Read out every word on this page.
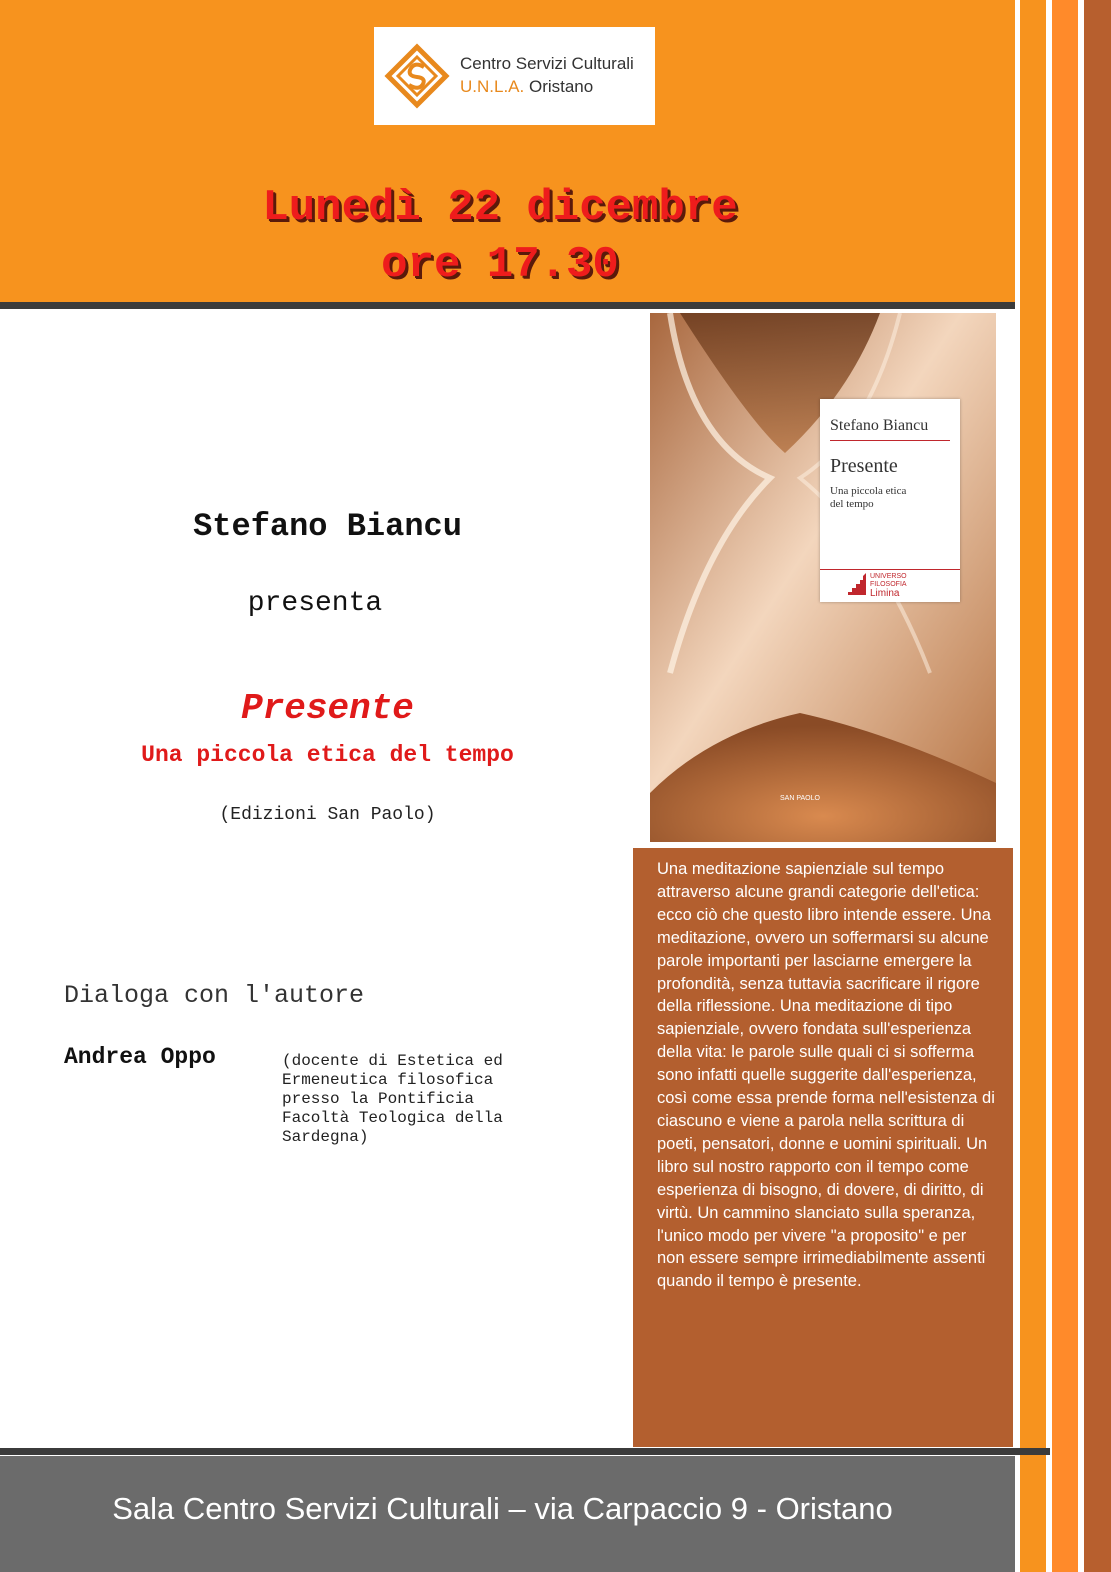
Centro Servizi Culturali
U.N.L.A. Oristano
Lunedì 22 dicembre
ore 17.30
Stefano Biancu
presenta
Presente
Una piccola etica del tempo
(Edizioni San Paolo)
Dialoga con l'autore
Andrea Oppo	(docente di Estetica ed
Ermeneutica filosofica
presso la Pontificia
Facoltà Teologica della
Sardegna)
Stefano Biancu
Presente
Una piccola etica
del tempo
UNIVERSO
FILOSOFIA
Limina
SAN PAOLO
Una meditazione sapienziale sul tempo attraverso alcune grandi categorie dell'etica: ecco ciò che questo libro intende essere. Una meditazione, ovvero un soffermarsi su alcune parole importanti per lasciarne emergere la profondità, senza tuttavia sacrificare il rigore della riflessione. Una meditazione di tipo sapienziale, ovvero fondata sull'esperienza della vita: le parole sulle quali ci si sofferma sono infatti quelle suggerite dall'esperienza, così come essa prende forma nell'esistenza di ciascuno e viene a parola nella scrittura di poeti, pensatori, donne e uomini spirituali. Un libro sul nostro rapporto con il tempo come esperienza di bisogno, di dovere, di diritto, di virtù. Un cammino slanciato sulla speranza, l'unico modo per vivere "a proposito" e per non essere sempre irrimediabilmente assenti quando il tempo è presente.
Sala Centro Servizi Culturali – via Carpaccio 9 - Oristano
